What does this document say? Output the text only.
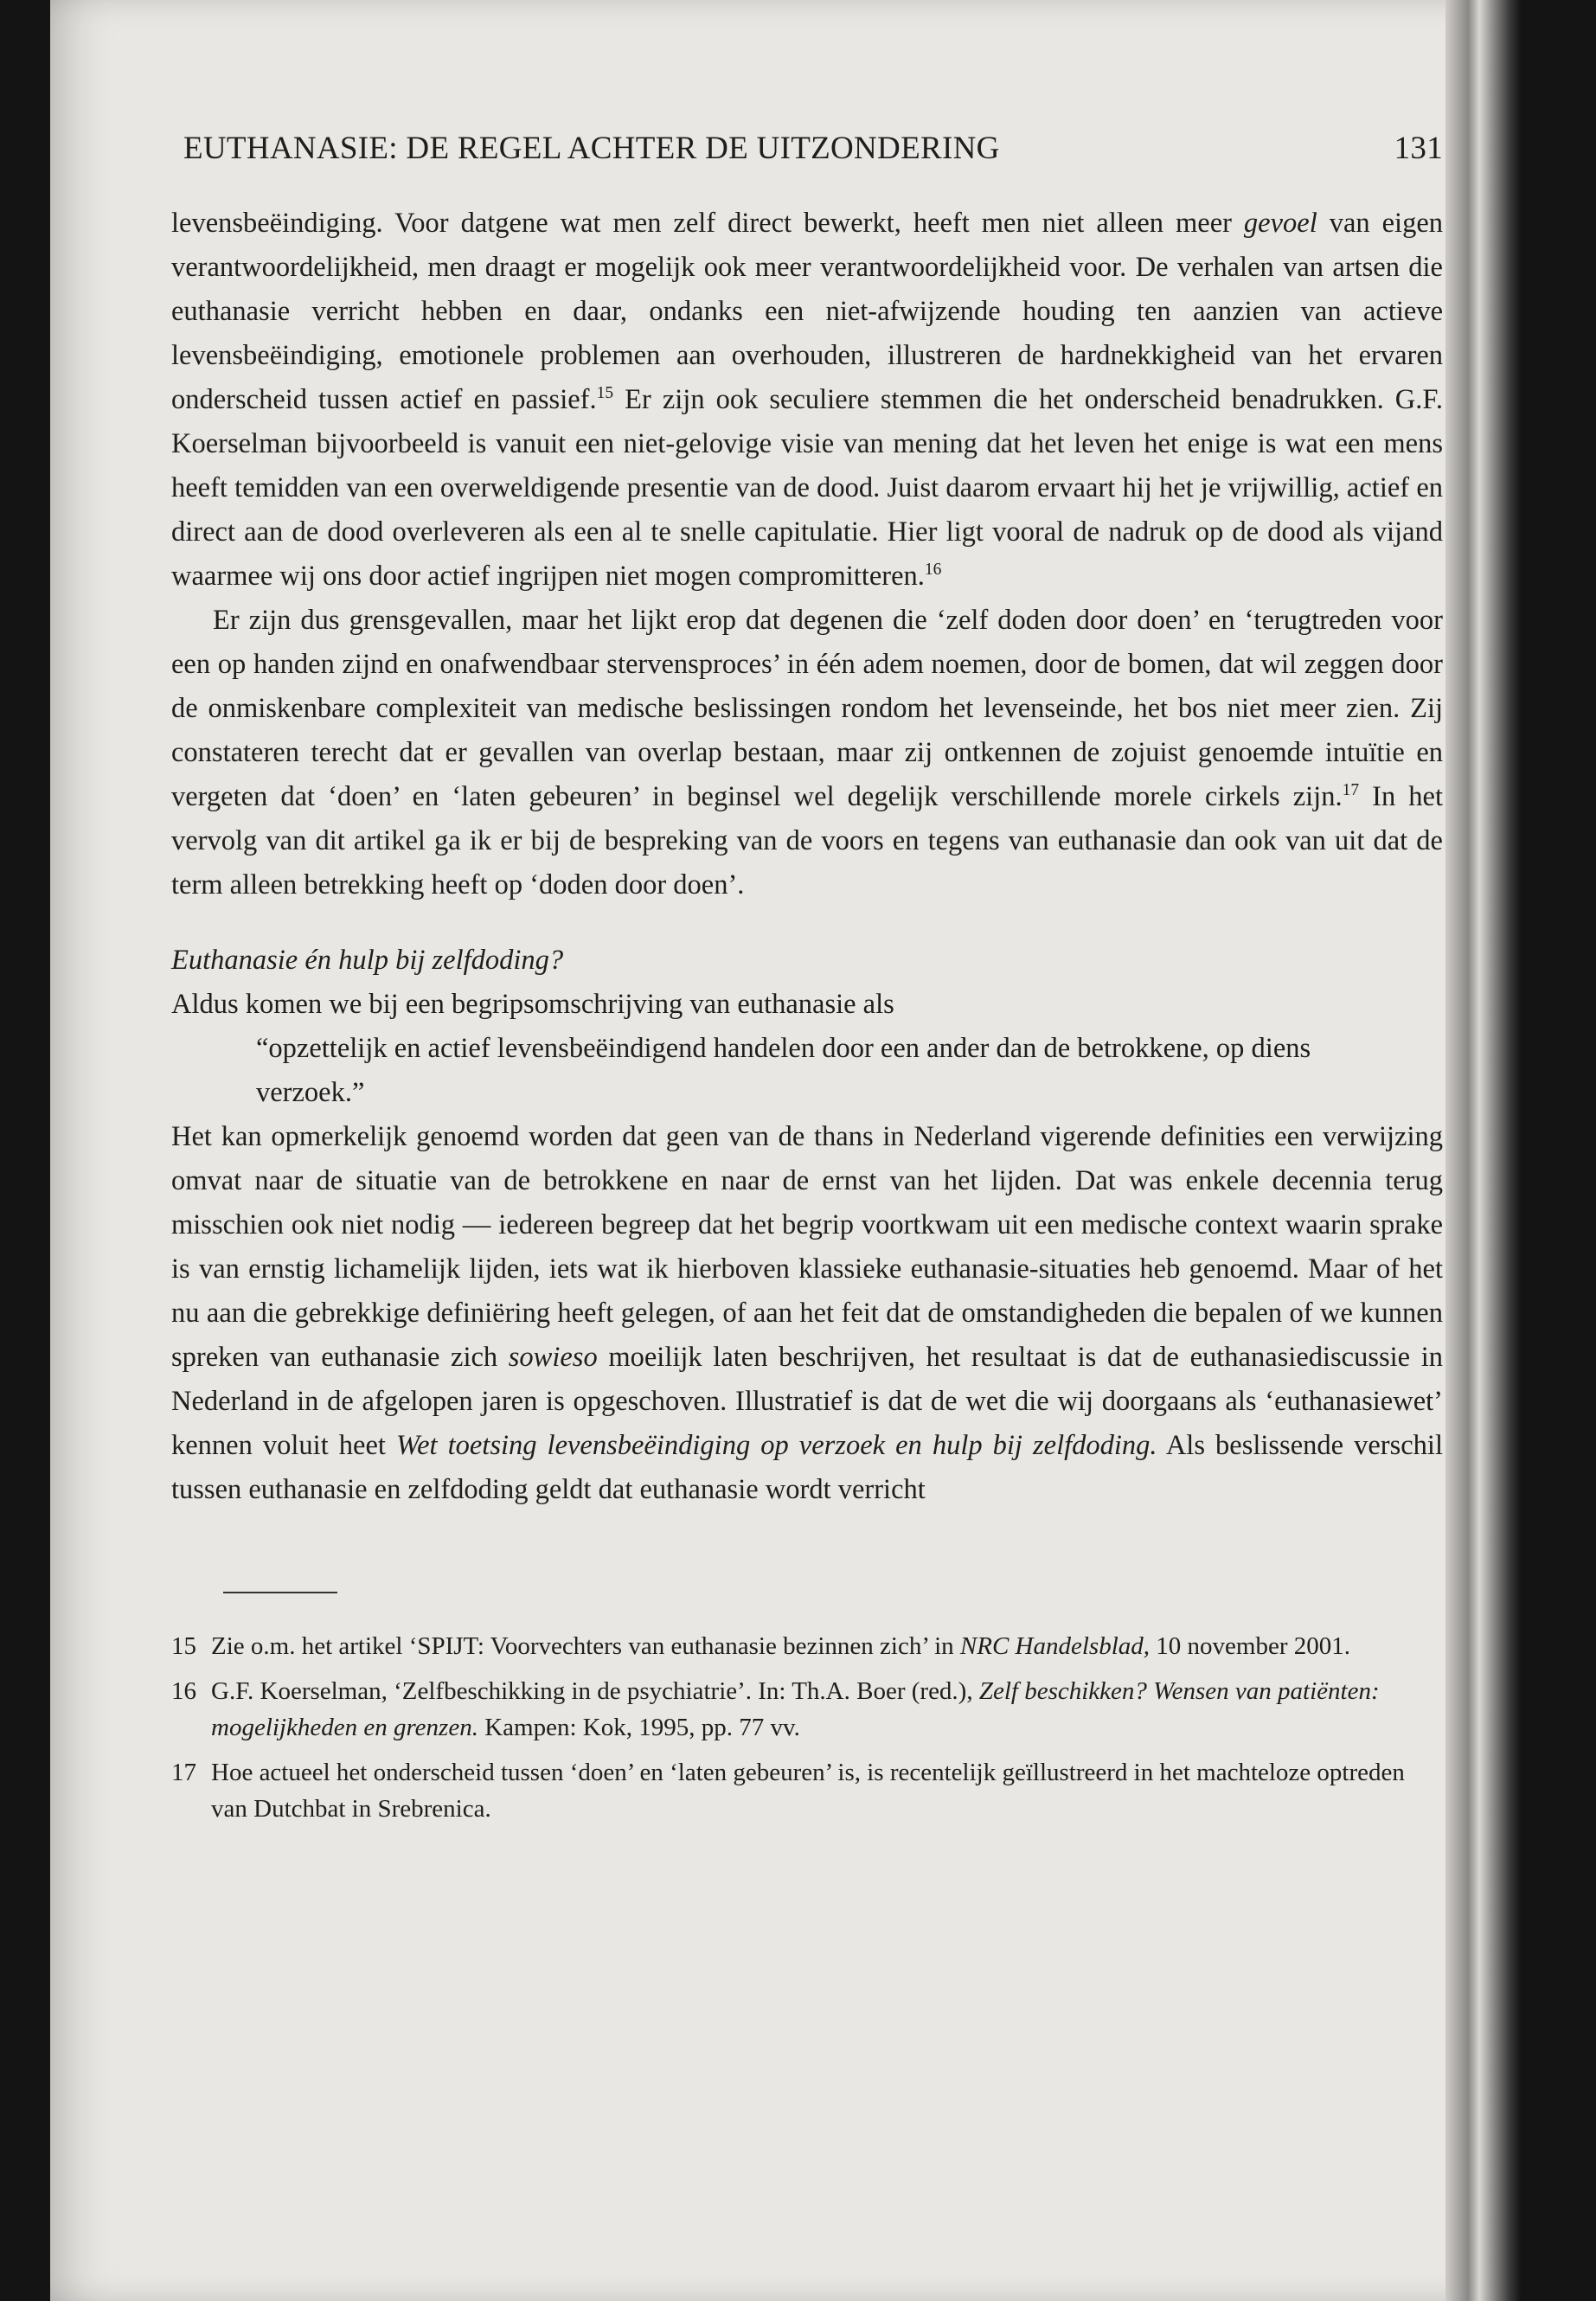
EUTHANASIE: DE REGEL ACHTER DE UITZONDERING	131

levensbeëindiging. Voor datgene wat men zelf direct bewerkt, heeft men niet alleen meer gevoel van eigen verantwoordelijkheid, men draagt er mogelijk ook meer verantwoordelijkheid voor. De verhalen van artsen die euthanasie verricht hebben en daar, ondanks een niet-afwijzende houding ten aanzien van actieve levensbeëindiging, emotionele problemen aan overhouden, illustreren de hardnekkigheid van het ervaren onderscheid tussen actief en passief.$^{15}$ Er zijn ook seculiere stemmen die het onderscheid benadrukken. G.F. Koerselman bijvoorbeeld is vanuit een niet-gelovige visie van mening dat het leven het enige is wat een mens heeft temidden van een overweldigende presentie van de dood. Juist daarom ervaart hij het je vrijwillig, actief en direct aan de dood overleveren als een al te snelle capitulatie. Hier ligt vooral de nadruk op de dood als vijand waarmee wij ons door actief ingrijpen niet mogen compromitteren.$^{16}$

Er zijn dus grensgevallen, maar het lijkt erop dat degenen die ‘zelf doden door doen’ en ‘terugtreden voor een op handen zijnd en onafwendbaar stervensproces’ in één adem noemen, door de bomen, dat wil zeggen door de onmiskenbare complexiteit van medische beslissingen rondom het levenseinde, het bos niet meer zien. Zij constateren terecht dat er gevallen van overlap bestaan, maar zij ontkennen de zojuist genoemde intuïtie en vergeten dat ‘doen’ en ‘laten gebeuren’ in beginsel wel degelijk verschillende morele cirkels zijn.$^{17}$ In het vervolg van dit artikel ga ik er bij de bespreking van de voors en tegens van euthanasie dan ook van uit dat de term alleen betrekking heeft op ‘doden door doen’.

Euthanasie én hulp bij zelfdoding?

Aldus komen we bij een begripsomschrijving van euthanasie als

“opzettelijk en actief levensbeëindigend handelen door een ander dan de betrokkene, op diens verzoek.”

Het kan opmerkelijk genoemd worden dat geen van de thans in Nederland vigerende definities een verwijzing omvat naar de situatie van de betrokkene en naar de ernst van het lijden. Dat was enkele decennia terug misschien ook niet nodig — iedereen begreep dat het begrip voortkwam uit een medische context waarin sprake is van ernstig lichamelijk lijden, iets wat ik hierboven klassieke euthanasie-situaties heb genoemd. Maar of het nu aan die gebrekkige definiëring heeft gelegen, of aan het feit dat de omstandigheden die bepalen of we kunnen spreken van euthanasie zich sowieso moeilijk laten beschrijven, het resultaat is dat de euthanasiediscussie in Nederland in de afgelopen jaren is opgeschoven. Illustratief is dat de wet die wij doorgaans als ‘euthanasiewet’ kennen voluit heet Wet toetsing levensbeëindiging op verzoek en hulp bij zelfdoding. Als beslissende verschil tussen euthanasie en zelfdoding geldt dat euthanasie wordt verricht

15 Zie o.m. het artikel ‘SPIJT: Voorvechters van euthanasie bezinnen zich’ in NRC Handelsblad, 10 november 2001.
16 G.F. Koerselman, ‘Zelfbeschikking in de psychiatrie’. In: Th.A. Boer (red.), Zelf beschikken? Wensen van patiënten: mogelijkheden en grenzen. Kampen: Kok, 1995, pp. 77 vv.
17 Hoe actueel het onderscheid tussen ‘doen’ en ‘laten gebeuren’ is, is recentelijk geïllustreerd in het machteloze optreden van Dutchbat in Srebrenica.
